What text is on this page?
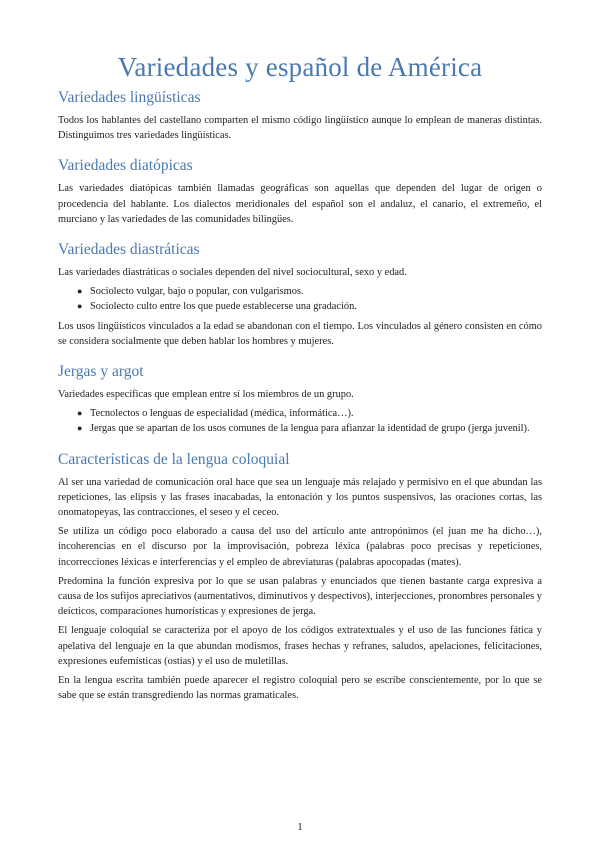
Variedades y español de América
Variedades lingüísticas

Todos los hablantes del castellano comparten el mismo código lingüístico aunque lo emplean de maneras distintas. Distinguimos tres variedades lingüísticas.

Variedades diatópicas

Las variedades diatópicas también llamadas geográficas son aquellas que dependen del lugar de origen o procedencia del hablante. Los dialectos meridionales del español son el andaluz, el canario, el extremeño, el murciano y las variedades de las comunidades bilingües.

Variedades diastráticas

Las variedades diastráticas o sociales dependen del nivel sociocultural, sexo y edad.

● Sociolecto vulgar, bajo o popular, con vulgarismos.
● Sociolecto culto entre los que puede establecerse una gradación.

Los usos lingüísticos vinculados a la edad se abandonan con el tiempo. Los vinculados al género consisten en cómo se considera socialmente que deben hablar los hombres y mujeres.

Jergas y argot

Variedades específicas que emplean entre sí los miembros de un grupo.

● Tecnolectos o lenguas de especialidad (médica, informática…).
● Jergas que se apartan de los usos comunes de la lengua para afianzar la identidad de grupo (jerga juvenil).
Características de la lengua coloquial

Al ser una variedad de comunicación oral hace que sea un lenguaje más relajado y permisivo en el que abundan las repeticiones, las elipsis y las frases inacabadas, la entonación y los puntos suspensivos, las oraciones cortas, las onomatopeyas, las contracciones, el seseo y el ceceo.

Se utiliza un código poco elaborado a causa del uso del artículo ante antropónimos (el juan me ha dicho…), incoherencias en el discurso por la improvisación, pobreza léxica (palabras poco precisas y repeticiones, incorrecciones léxicas e interferencias y el empleo de abreviaturas (palabras apocopadas (mates).

Predomina la función expresiva por lo que se usan palabras y enunciados que tienen bastante carga expresiva a causa de los sufijos apreciativos (aumentativos, diminutivos y despectivos), interjecciones, pronombres personales y deícticos, comparaciones humorísticas y expresiones de jerga.

El lenguaje coloquial se caracteriza por el apoyo de los códigos extratextuales y el uso de las funciones fática y apelativa del lenguaje en la que abundan modismos, frases hechas y refranes, saludos, apelaciones, felicitaciones, expresiones eufemísticas (ostias) y el uso de muletillas.

En la lengua escrita también puede aparecer el registro coloquial pero se escribe conscientemente, por lo que se sabe que se están transgrediendo las normas gramaticales.

1
